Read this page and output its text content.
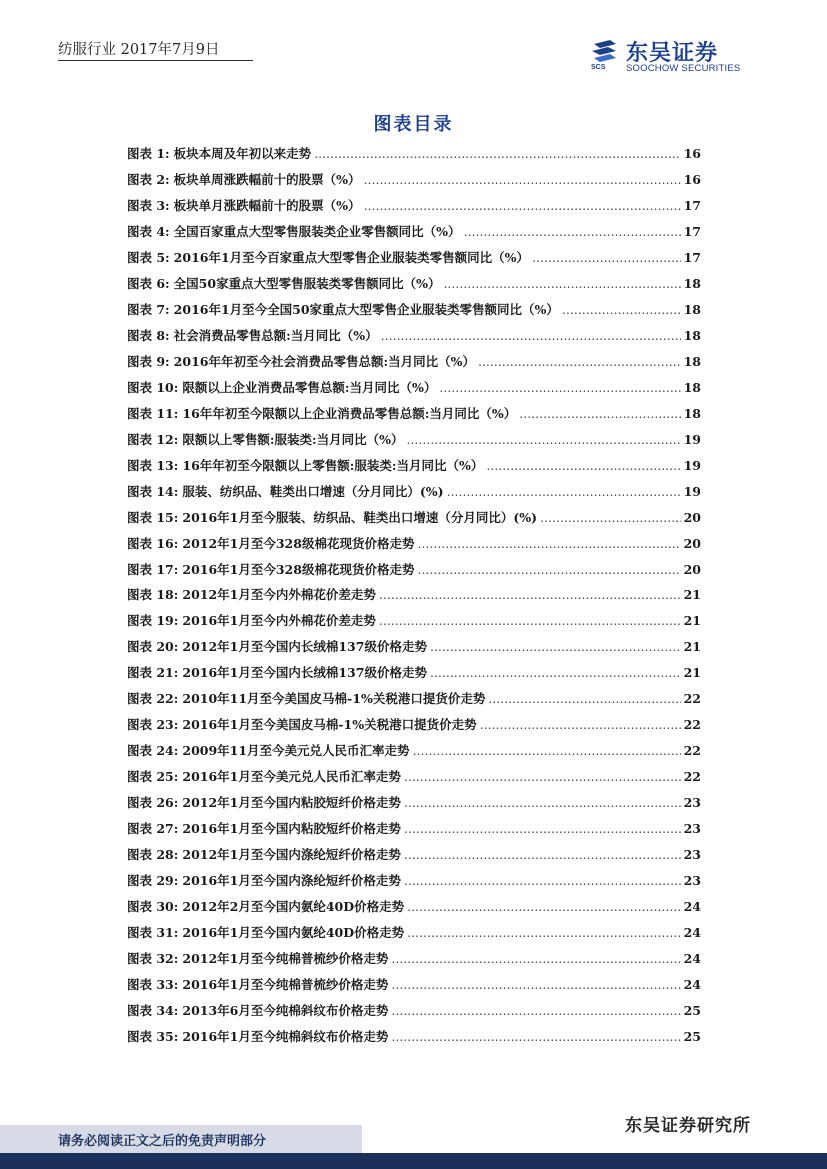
纺服行业 2017年7月9日
SCS
东吴证券
SOOCHOW SECURITIES
图表目录
图表 1: 板块本周及年初以来走势 .....	16
图表 2: 板块单周涨跌幅前十的股票（%） .....	16
图表 3: 板块单月涨跌幅前十的股票（%） .....	17
图表 4: 全国百家重点大型零售服装类企业零售额同比（%） .....	17
图表 5: 2016年1月至今百家重点大型零售企业服装类零售额同比（%） .....	17
图表 6: 全国50家重点大型零售服装类零售额同比（%） .....	18
图表 7: 2016年1月至今全国50家重点大型零售企业服装类零售额同比（%） .....	18
图表 8: 社会消费品零售总额:当月同比（%） .....	18
图表 9: 2016年年初至今社会消费品零售总额:当月同比（%） .....	18
图表 10: 限额以上企业消费品零售总额:当月同比（%） .....	18
图表 11: 16年年初至今限额以上企业消费品零售总额:当月同比（%） .....	18
图表 12: 限额以上零售额:服装类:当月同比（%） .....	19
图表 13: 16年年初至今限额以上零售额:服装类:当月同比（%） .....	19
图表 14: 服装、纺织品、鞋类出口增速（分月同比）(%) .....	19
图表 15: 2016年1月至今服装、纺织品、鞋类出口增速（分月同比）(%) .....	20
图表 16: 2012年1月至今328级棉花现货价格走势 .....	20
图表 17: 2016年1月至今328级棉花现货价格走势 .....	20
图表 18: 2012年1月至今内外棉花价差走势 .....	21
图表 19: 2016年1月至今内外棉花价差走势 .....	21
图表 20: 2012年1月至今国内长绒棉137级价格走势 .....	21
图表 21: 2016年1月至今国内长绒棉137级价格走势 .....	21
图表 22: 2010年11月至今美国皮马棉-1%关税港口提货价走势 .....	22
图表 23: 2016年1月至今美国皮马棉-1%关税港口提货价走势 .....	22
图表 24: 2009年11月至今美元兑人民币汇率走势 .....	22
图表 25: 2016年1月至今美元兑人民币汇率走势 .....	22
图表 26: 2012年1月至今国内粘胶短纤价格走势 .....	23
图表 27: 2016年1月至今国内粘胶短纤价格走势 .....	23
图表 28: 2012年1月至今国内涤纶短纤价格走势 .....	23
图表 29: 2016年1月至今国内涤纶短纤价格走势 .....	23
图表 30: 2012年2月至今国内氨纶40D价格走势 .....	24
图表 31: 2016年1月至今国内氨纶40D价格走势 .....	24
图表 32: 2012年1月至今纯棉普梳纱价格走势 .....	24
图表 33: 2016年1月至今纯棉普梳纱价格走势 .....	24
图表 34: 2013年6月至今纯棉斜纹布价格走势 .....	25
图表 35: 2016年1月至今纯棉斜纹布价格走势 .....	25
东吴证券研究所
请务必阅读正文之后的免责声明部分
